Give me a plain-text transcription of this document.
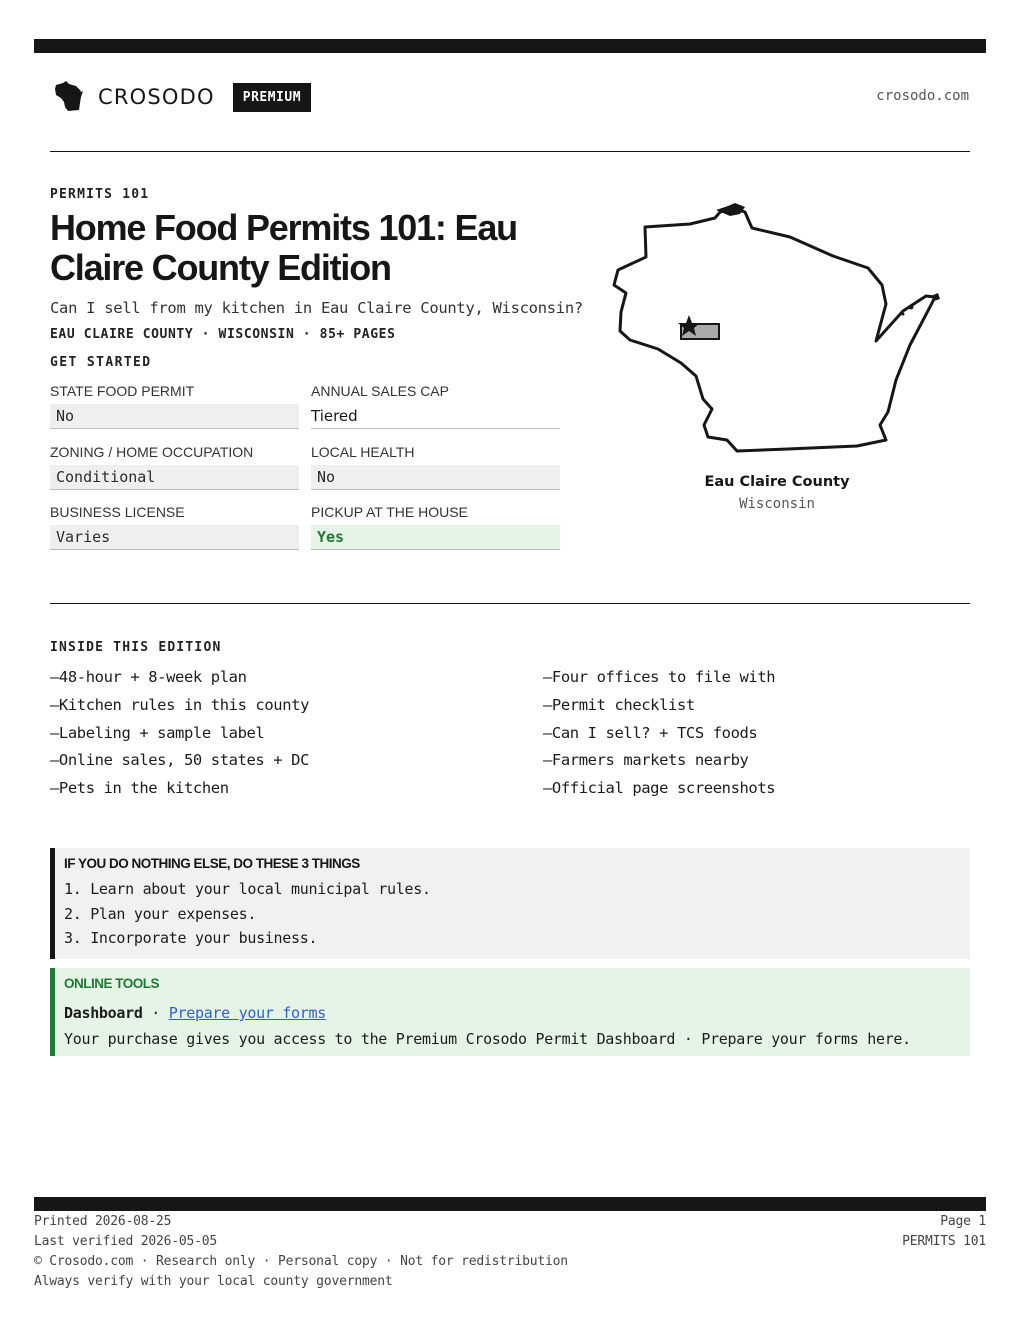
CROSODO	PREMIUM	crosodo.com
PERMITS 101
Home Food Permits 101: Eau Claire County Edition
Can I sell from my kitchen in Eau Claire County, Wisconsin?
EAU CLAIRE COUNTY · WISCONSIN · 85+ PAGES
GET STARTED
STATE FOOD PERMIT
No
ANNUAL SALES CAP
Tiered
ZONING / HOME OCCUPATION
Conditional
LOCAL HEALTH
No
BUSINESS LICENSE
Varies
PICKUP AT THE HOUSE
Yes
Eau Claire County
Wisconsin
INSIDE THIS EDITION
—48-hour + 8-week plan
—Kitchen rules in this county
—Labeling + sample label
—Online sales, 50 states + DC
—Pets in the kitchen
—Four offices to file with
—Permit checklist
—Can I sell? + TCS foods
—Farmers markets nearby
—Official page screenshots
IF YOU DO NOTHING ELSE, DO THESE 3 THINGS
1. Learn about your local municipal rules.
2. Plan your expenses.
3. Incorporate your business.
ONLINE TOOLS
Dashboard · Prepare your forms
Your purchase gives you access to the Premium Crosodo Permit Dashboard · Prepare your forms here.
Printed 2026-08-25
Last verified 2026-05-05
© Crosodo.com · Research only · Personal copy · Not for redistribution
Always verify with your local county government
Page 1
PERMITS 101
